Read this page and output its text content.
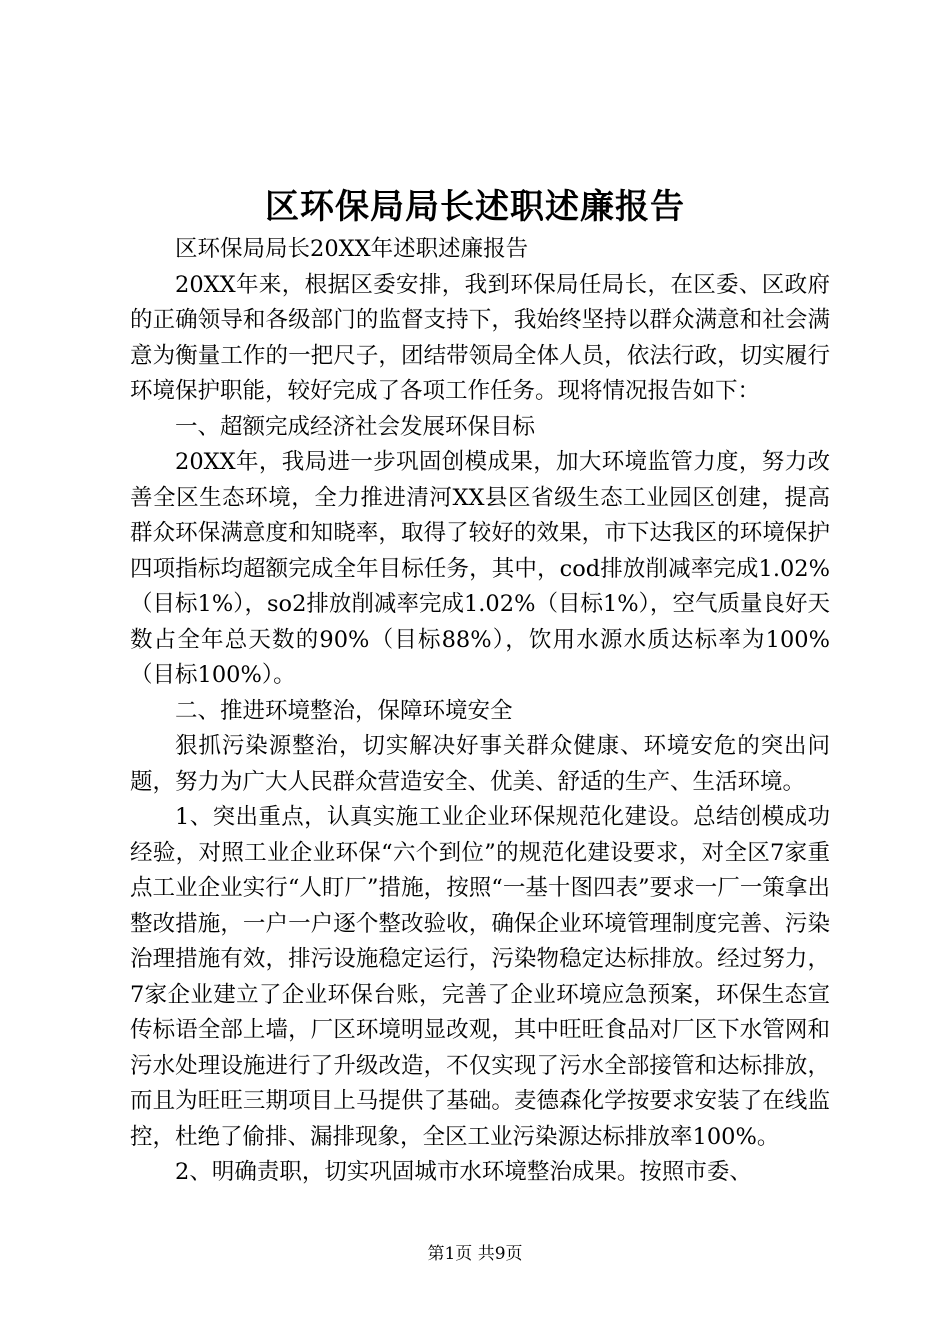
区环保局局长述职述廉报告

区环保局局长20XX年述职述廉报告

20XX年来，根据区委安排，我到环保局任局长，在区委、区政府的正确领导和各级部门的监督支持下，我始终坚持以群众满意和社会满意为衡量工作的一把尺子，团结带领局全体人员，依法行政，切实履行环境保护职能，较好完成了各项工作任务。现将情况报告如下：

一、超额完成经济社会发展环保目标

20XX年，我局进一步巩固创模成果，加大环境监管力度，努力改善全区生态环境，全力推进清河XX县区省级生态工业园区创建，提高群众环保满意度和知晓率，取得了较好的效果，市下达我区的环境保护四项指标均超额完成全年目标任务，其中，cod排放削减率完成1.02%（目标1%），so2排放削减率完成1.02%（目标1%），空气质量良好天数占全年总天数的90%（目标88%），饮用水源水质达标率为100%（目标100%）。

二、推进环境整治，保障环境安全

狠抓污染源整治，切实解决好事关群众健康、环境安危的突出问题，努力为广大人民群众营造安全、优美、舒适的生产、生活环境。

1、突出重点，认真实施工业企业环保规范化建设。总结创模成功经验，对照工业企业环保“六个到位”的规范化建设要求，对全区7家重点工业企业实行“人盯厂”措施，按照“一基十图四表”要求一厂一策拿出整改措施，一户一户逐个整改验收，确保企业环境管理制度完善、污染治理措施有效，排污设施稳定运行，污染物稳定达标排放。经过努力，7家企业建立了企业环保台账，完善了企业环境应急预案，环保生态宣传标语全部上墙，厂区环境明显改观，其中旺旺食品对厂区下水管网和污水处理设施进行了升级改造，不仅实现了污水全部接管和达标排放，而且为旺旺三期项目上马提供了基础。麦德森化学按要求安装了在线监控，杜绝了偷排、漏排现象，全区工业污染源达标排放率100%。

2、明确责职，切实巩固城市水环境整治成果。按照市委、

第1页 共9页
